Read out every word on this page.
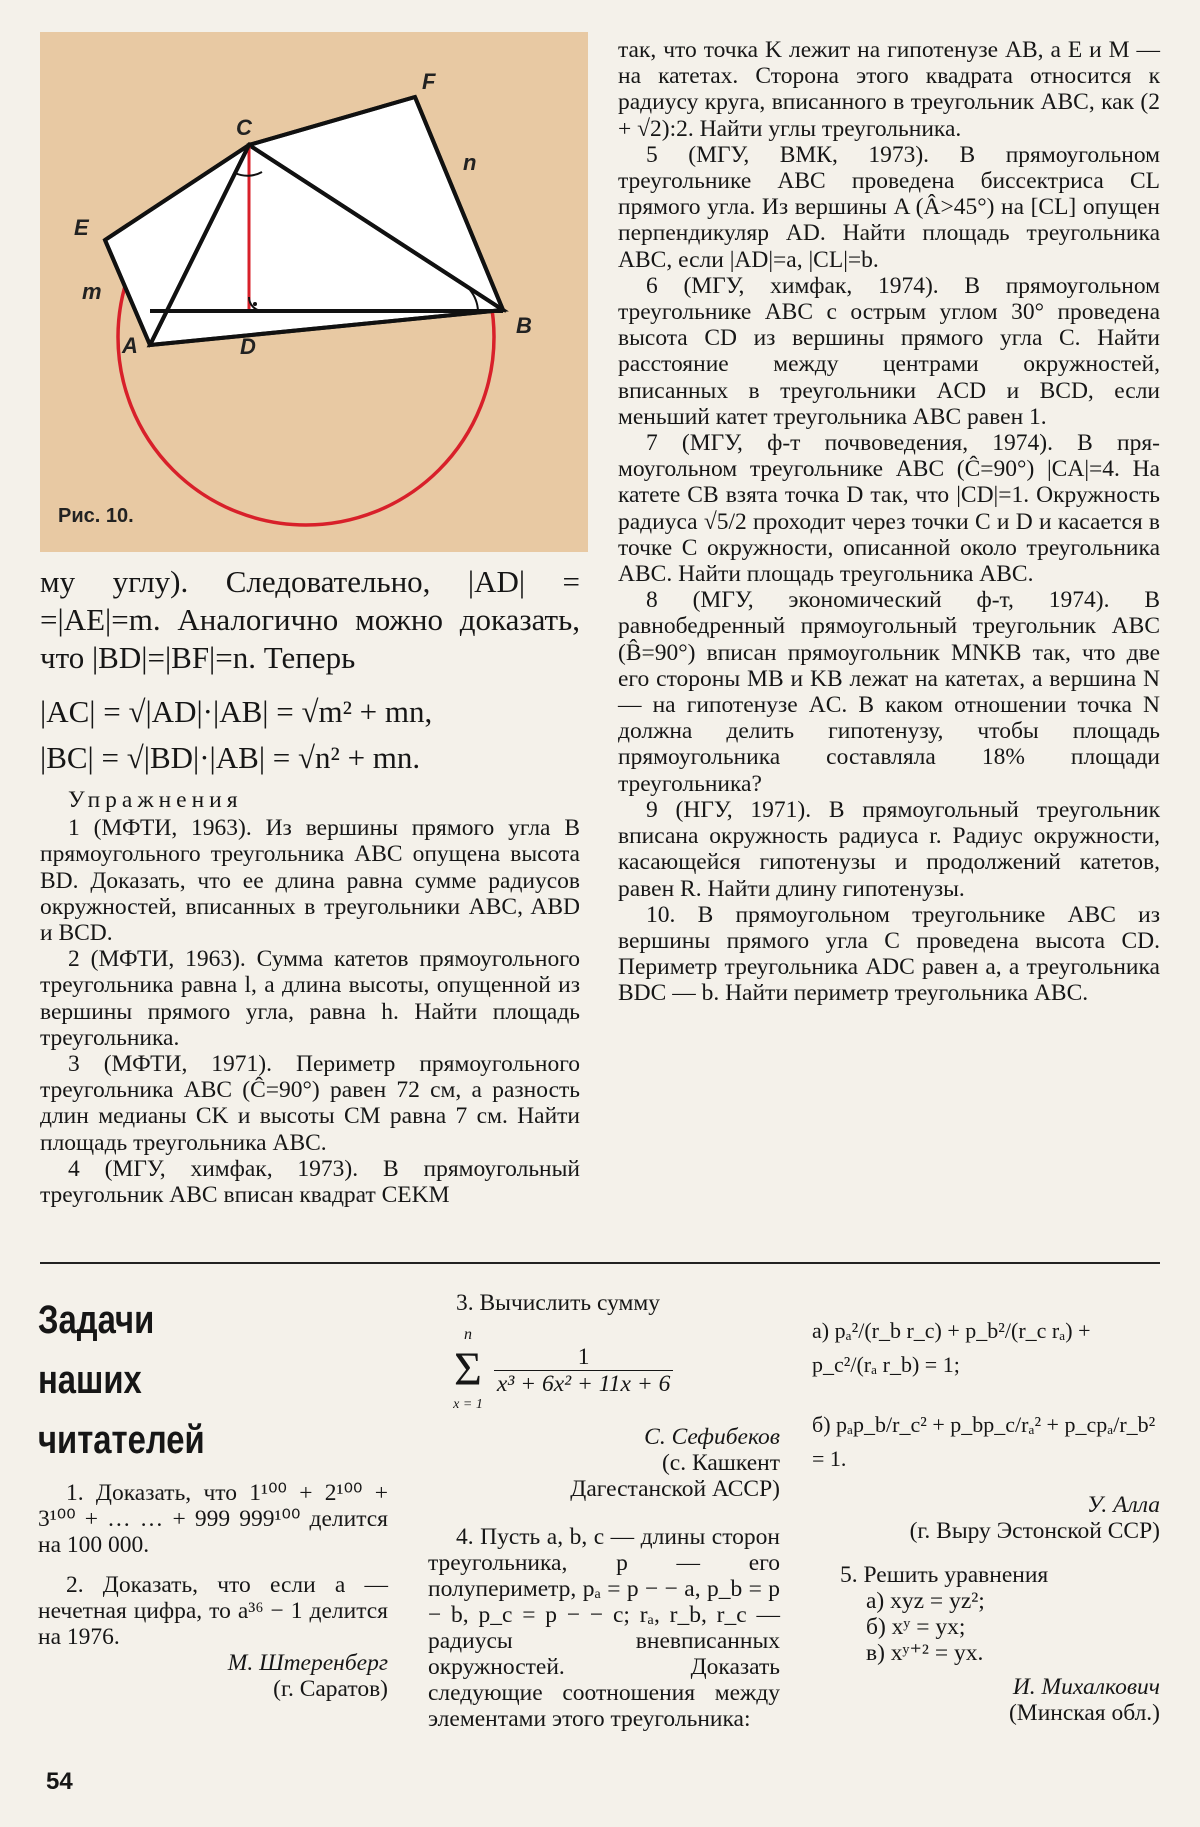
C
F
n
E
m
A	D
B
Рис. 10.

му углу). Следовательно, |AD| = =|AE|=m. Аналогично можно доказать, что |BD|=|BF|=n. Теперь

|AC| = √|AD|·|AB| = √m² + mn,
|BC| = √|BD|·|AB| = √n² + mn.

Упражнения

1 (МФТИ, 1963). Из вершины прямого угла B прямоугольного треугольника ABC опущена высота BD. Доказать, что ее длина равна сумме радиусов окружностей, вписанных в треугольники ABC, ABD и BCD.

2 (МФТИ, 1963). Сумма катетов прямоугольного треугольника равна l, а длина высоты, опущенной из вершины прямого угла, равна h. Найти площадь треугольника.

3 (МФТИ, 1971). Периметр прямоугольного треугольника ABC (Ĉ=90°) равен 72 см, а разность длин медианы CK и высоты CM равна 7 см. Найти площадь треугольника ABC.

4 (МГУ, химфак, 1973). В прямоугольный треугольник ABC вписан квадрат CEKM

так, что точка K лежит на гипотенузе AB, а E и M — на катетах. Сторона этого квадрата относится к радиусу круга, вписанного в треугольник ABC, как (2 + √2):2. Найти углы треугольника.

5 (МГУ, ВМК, 1973). В прямоугольном треугольнике ABC проведена биссектриса CL прямого угла. Из вершины A (Â>45°) на [CL] опущен перпендикуляр AD. Найти площадь треугольника ABC, если |AD|=a, |CL|=b.

6 (МГУ, химфак, 1974). В прямоугольном треугольнике ABC с острым углом 30° проведена высота CD из вершины прямого угла C. Найти расстояние между центрами окружностей, вписанных в треугольники ACD и BCD, если меньший катет треугольника ABC равен 1.

7 (МГУ, ф-т почвоведения, 1974). В прямоугольном треугольнике ABC (Ĉ=90°) |CA|=4. На катете CB взята точка D так, что |CD|=1. Окружность радиуса √5/2 проходит через точки C и D и касается в точке C окружности, описанной около треугольника ABC. Найти площадь треугольника ABC.

8 (МГУ, экономический ф-т, 1974). В равнобедренный прямоугольный треугольник ABC (B̂=90°) вписан прямоугольник MNKB так, что две его стороны MB и KB лежат на катетах, а вершина N — на гипотенузе AC. В каком отношении точка N должна делить гипотенузу, чтобы площадь прямоугольника составляла 18% площади треугольника?

9 (НГУ, 1971). В прямоугольный треугольник вписана окружность радиуса r. Радиус окружности, касающейся гипотенузы и продолжений катетов, равен R. Найти длину гипотенузы.

10. В прямоугольном треугольнике ABC из вершины прямого угла C проведена высота CD. Периметр треугольника ADC равен a, а треугольника BDC — b. Найти периметр треугольника ABC.

Задачи
наших
читателей

1. Доказать, что 1¹⁰⁰ + 2¹⁰⁰ + 3¹⁰⁰ + … … + 999 999¹⁰⁰ делится на 100 000.

2. Доказать, что если a — нечетная цифра, то a³⁶ − 1 делится на 1976.

М. Штеренберг

(г. Саратов)

3. Вычислить сумму

n
Σ
x = 1

$\frac{1}{\text{x³ + 6x² + 11x + 6}}$

С. Сефибеков

(с. Кашкент

Дагестанской АССР)

4. Пусть a, b, c — длины сторон треугольника, p — его полупериметр, pₐ = p − − a, p_b = p − b, p_c = p − − c; rₐ, r_b, r_c — радиусы вневписанных окружностей. Доказать следующие соотношения между элементами этого треугольника:

а) pₐ²/(r_b r_c) + p_b²/(r_c rₐ) + p_c²/(rₐ r_b) = 1;

б) pₐp_b/r_c² + p_bp_c/rₐ² + p_cpₐ/r_b² = 1.

У. Алла

(г. Выру Эстонской ССР)

5. Решить уравнения

а) xyz = yz²;

б) xʸ = yx;

в) xʸ⁺² = yx.

И. Михалкович

(Минская обл.)

54
